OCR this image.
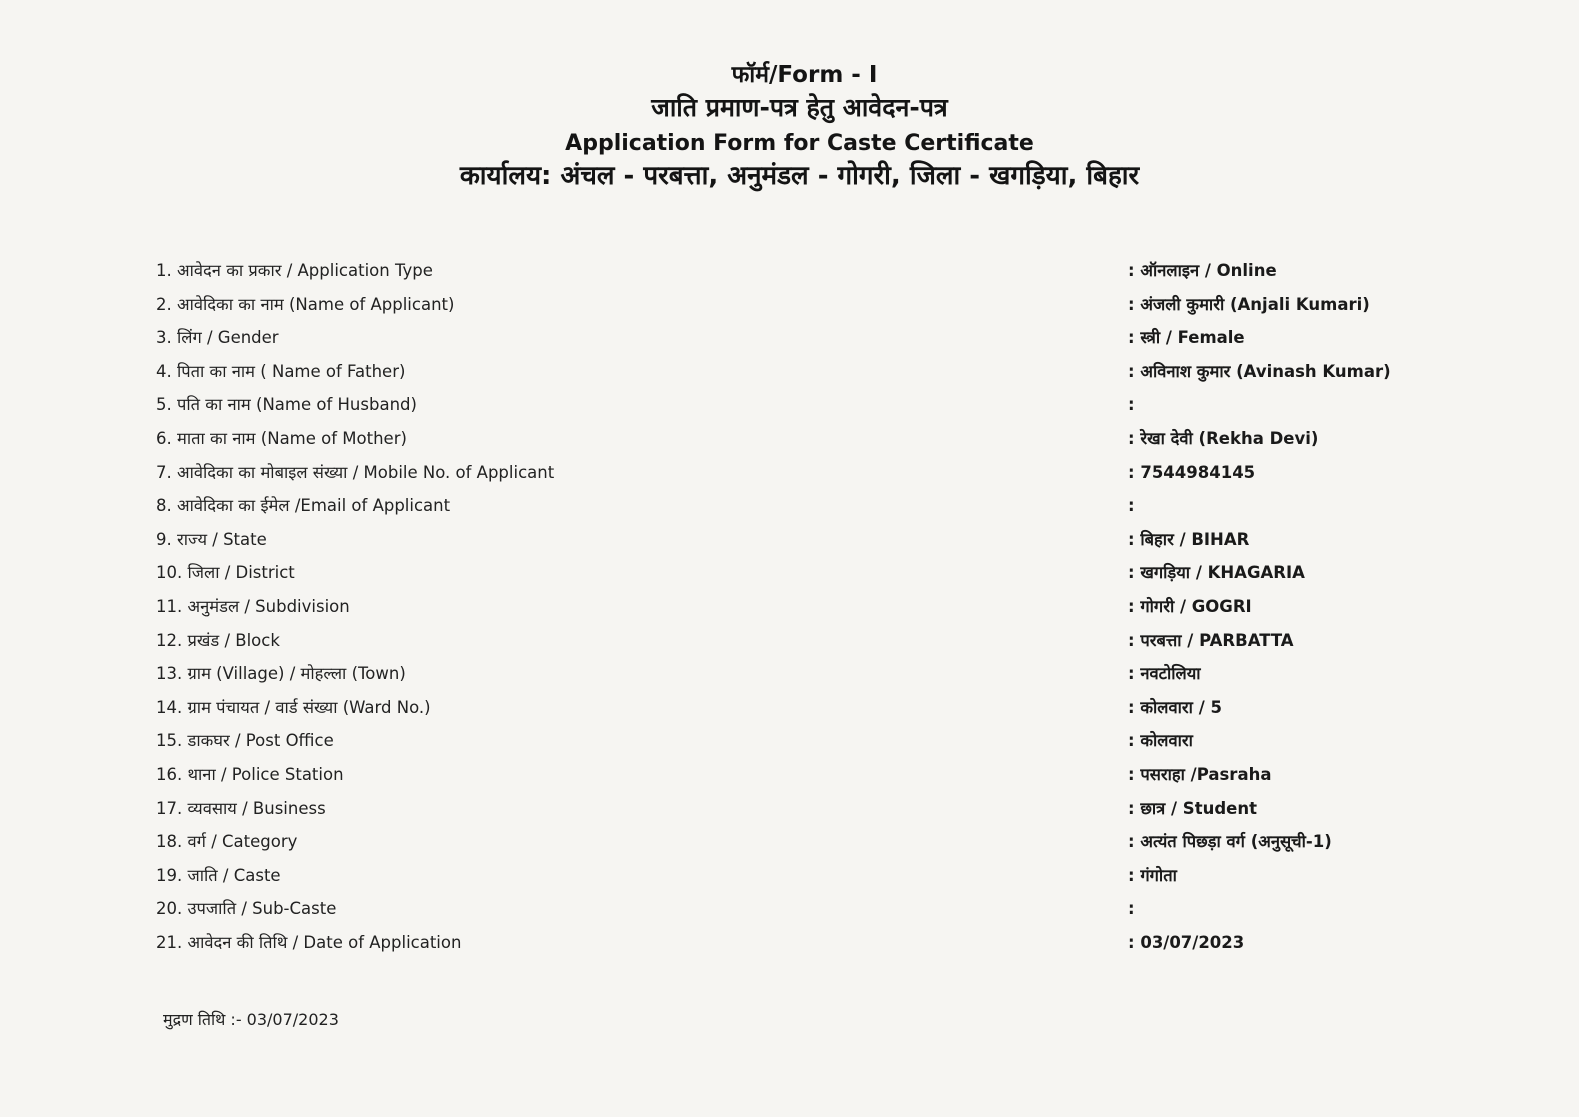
फॉर्म/Form - I
जाति प्रमाण-पत्र हेतु आवेदन-पत्र
Application Form for Caste Certificate
कार्यालय: अंचल - परबत्ता, अनुमंडल - गोगरी, जिला - खगड़िया, बिहार
1. आवेदन का प्रकार / Application Type	: ऑनलाइन / Online
2. आवेदिका का नाम (Name of Applicant)	: अंजली कुमारी (Anjali Kumari)
3. लिंग / Gender	: स्त्री / Female
4. पिता का नाम ( Name of Father)	: अविनाश कुमार (Avinash Kumar)
5. पति का नाम (Name of Husband)	:
6. माता का नाम (Name of Mother)	: रेखा देवी (Rekha Devi)
7. आवेदिका का मोबाइल संख्या / Mobile No. of Applicant	: 7544984145
8. आवेदिका का ईमेल /Email of Applicant	:
9. राज्य / State	: बिहार / BIHAR
10. जिला / District	: खगड़िया / KHAGARIA
11. अनुमंडल / Subdivision	: गोगरी / GOGRI
12. प्रखंड / Block	: परबत्ता / PARBATTA
13. ग्राम (Village) / मोहल्ला (Town)	: नवटोलिया
14. ग्राम पंचायत / वार्ड संख्या (Ward No.)	: कोलवारा / 5
15. डाकघर / Post Office	: कोलवारा
16. थाना / Police Station	: पसराहा /Pasraha
17. व्यवसाय / Business	: छात्र / Student
18. वर्ग / Category	: अत्यंत पिछड़ा वर्ग (अनुसूची-1)
19. जाति / Caste	: गंगोता
20. उपजाति / Sub-Caste	:
21. आवेदन की तिथि / Date of Application	: 03/07/2023
मुद्रण तिथि :- 03/07/2023
